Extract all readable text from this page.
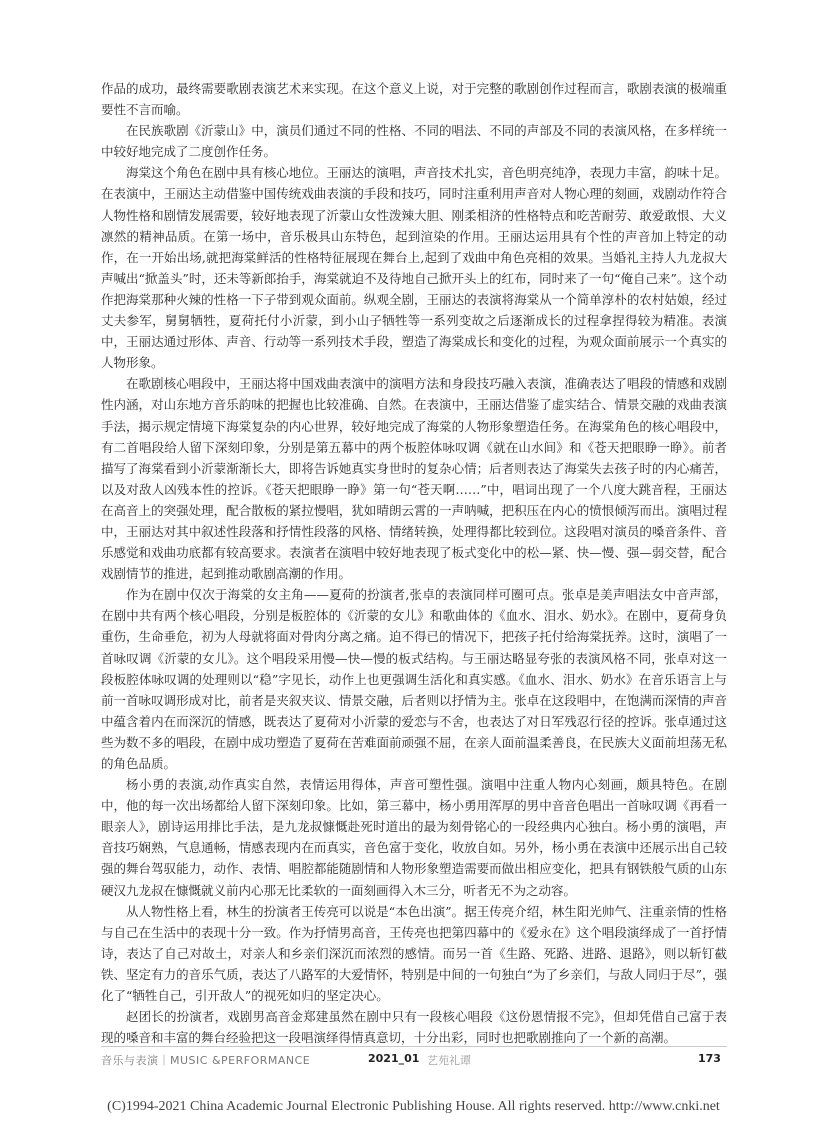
作品的成功，最终需要歌剧表演艺术来实现。在这个意义上说，对于完整的歌剧创作过程而言，歌剧表演的极端重要性不言而喻。

在民族歌剧《沂蒙山》中，演员们通过不同的性格、不同的唱法、不同的声部及不同的表演风格，在多样统一中较好地完成了二度创作任务。

海棠这个角色在剧中具有核心地位。王丽达的演唱，声音技术扎实，音色明亮纯净，表现力丰富，韵味十足。在表演中，王丽达主动借鉴中国传统戏曲表演的手段和技巧，同时注重利用声音对人物心理的刻画，戏剧动作符合人物性格和剧情发展需要，较好地表现了沂蒙山女性泼辣大胆、刚柔相济的性格特点和吃苦耐劳、敢爱敢恨、大义凛然的精神品质。在第一场中，音乐极具山东特色，起到渲染的作用。王丽达运用具有个性的声音加上特定的动作，在一开始出场,就把海棠鲜活的性格特征展现在舞台上,起到了戏曲中角色亮相的效果。当婚礼主持人九龙叔大声喊出“掀盖头”时，还未等新郎抬手，海棠就迫不及待地自己掀开头上的红布，同时来了一句“俺自己来”。这个动作把海棠那种火辣的性格一下子带到观众面前。纵观全剧，王丽达的表演将海棠从一个简单淳朴的农村姑娘，经过丈夫参军，舅舅牺牲，夏荷托付小沂蒙，到小山子牺牲等一系列变故之后逐渐成长的过程拿捏得较为精准。表演中，王丽达通过形体、声音、行动等一系列技术手段，塑造了海棠成长和变化的过程，为观众面前展示一个真实的人物形象。

在歌剧核心唱段中，王丽达将中国戏曲表演中的演唱方法和身段技巧融入表演，准确表达了唱段的情感和戏剧性内涵，对山东地方音乐韵味的把握也比较准确、自然。在表演中，王丽达借鉴了虚实结合、情景交融的戏曲表演手法，揭示规定情境下海棠复杂的内心世界，较好地完成了海棠的人物形象塑造任务。在海棠角色的核心唱段中，有二首唱段给人留下深刻印象，分别是第五幕中的两个板腔体咏叹调《就在山水间》和《苍天把眼睁一睁》。前者描写了海棠看到小沂蒙渐渐长大，即将告诉她真实身世时的复杂心情；后者则表达了海棠失去孩子时的内心痛苦，以及对敌人凶残本性的控诉。《苍天把眼睁一睁》第一句“苍天啊……”中，唱词出现了一个八度大跳音程，王丽达在高音上的突强处理，配合散板的紧拉慢唱，犹如晴朗云霄的一声呐喊，把积压在内心的愤恨倾泻而出。演唱过程中，王丽达对其中叙述性段落和抒情性段落的风格、情绪转换，处理得都比较到位。这段唱对演员的嗓音条件、音乐感觉和戏曲功底都有较高要求。表演者在演唱中较好地表现了板式变化中的松—紧、快—慢、强—弱交替，配合戏剧情节的推进，起到推动歌剧高潮的作用。

作为在剧中仅次于海棠的女主角——夏荷的扮演者,张卓的表演同样可圈可点。张卓是美声唱法女中音声部，在剧中共有两个核心唱段，分别是板腔体的《沂蒙的女儿》和歌曲体的《血水、泪水、奶水》。在剧中，夏荷身负重伤，生命垂危，初为人母就将面对骨肉分离之痛。迫不得已的情况下，把孩子托付给海棠抚养。这时，演唱了一首咏叹调《沂蒙的女儿》。这个唱段采用慢—快—慢的板式结构。与王丽达略显夸张的表演风格不同，张卓对这一段板腔体咏叹调的处理则以“稳”字见长，动作上也更强调生活化和真实感。《血水、泪水、奶水》在音乐语言上与前一首咏叹调形成对比，前者是夹叙夹议、情景交融，后者则以抒情为主。张卓在这段唱中，在饱满而深情的声音中蕴含着内在而深沉的情感，既表达了夏荷对小沂蒙的爱恋与不舍，也表达了对日军残忍行径的控诉。张卓通过这些为数不多的唱段，在剧中成功塑造了夏荷在苦难面前顽强不屈，在亲人面前温柔善良，在民族大义面前坦荡无私的角色品质。

杨小勇的表演,动作真实自然，表情运用得体，声音可塑性强。演唱中注重人物内心刻画，颇具特色。在剧中，他的每一次出场都给人留下深刻印象。比如，第三幕中，杨小勇用浑厚的男中音音色唱出一首咏叹调《再看一眼亲人》，剧诗运用排比手法，是九龙叔慷慨赴死时道出的最为刻骨铭心的一段经典内心独白。杨小勇的演唱，声音技巧娴熟，气息通畅，情感表现内在而真实，音色富于变化，收放自如。另外，杨小勇在表演中还展示出自己较强的舞台驾驭能力，动作、表情、唱腔都能随剧情和人物形象塑造需要而做出相应变化，把具有钢铁般气质的山东硬汉九龙叔在慷慨就义前内心那无比柔软的一面刻画得入木三分，听者无不为之动容。

从人物性格上看，林生的扮演者王传亮可以说是“本色出演”。据王传亮介绍，林生阳光帅气、注重亲情的性格与自己在生活中的表现十分一致。作为抒情男高音，王传亮也把第四幕中的《爱永在》这个唱段演绎成了一首抒情诗，表达了自己对故土，对亲人和乡亲们深沉而浓烈的感情。而另一首《生路、死路、进路、退路》，则以斩钉截铁、坚定有力的音乐气质，表达了八路军的大爱情怀，特别是中间的一句独白“为了乡亲们，与敌人同归于尽”，强化了“牺牲自己，引开敌人”的视死如归的坚定决心。

赵团长的扮演者，戏剧男高音金郑建虽然在剧中只有一段核心唱段《这份恩情报不完》，但却凭借自己富于表现的嗓音和丰富的舞台经验把这一段唱演绎得情真意切，十分出彩，同时也把歌剧推向了一个新的高潮。

音乐与表演｜MUSIC &PERFORMANCE	2021_01 艺苑礼谭	173
(C)1994-2021 China Academic Journal Electronic Publishing House. All rights reserved. http://www.cnki.net
